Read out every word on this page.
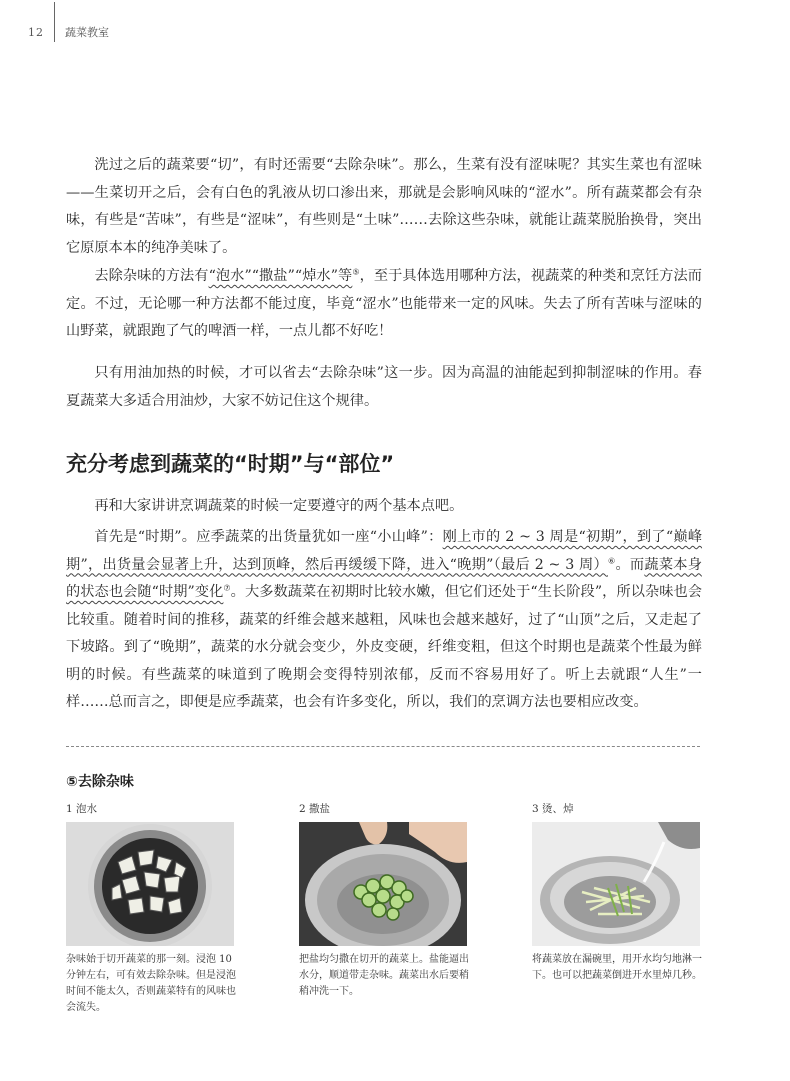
12 蔬菜教室

洗过之后的蔬菜要“切”，有时还需要“去除杂味”。那么，生菜有没有涩味呢？其实生菜也有涩味——生菜切开之后，会有白色的乳液从切口渗出来，那就是会影响风味的“涩水”。所有蔬菜都会有杂味，有些是“苦味”，有些是“涩味”，有些则是“土味”……去除这些杂味，就能让蔬菜脱胎换骨，突出它原原本本的纯净美味了。

去除杂味的方法有“泡水”“撒盐”“焯水”等⑤，至于具体选用哪种方法，视蔬菜的种类和烹饪方法而定。不过，无论哪一种方法都不能过度，毕竟“涩水”也能带来一定的风味。失去了所有苦味与涩味的山野菜，就跟跑了气的啤酒一样，一点儿都不好吃！

只有用油加热的时候，才可以省去“去除杂味”这一步。因为高温的油能起到抑制涩味的作用。春夏蔬菜大多适合用油炒，大家不妨记住这个规律。

充分考虑到蔬菜的“时期”与“部位”

再和大家讲讲烹调蔬菜的时候一定要遵守的两个基本点吧。

首先是“时期”。应季蔬菜的出货量犹如一座“小山峰”：刚上市的 2 ~ 3 周是“初期”，到了“巅峰期”，出货量会显著上升，达到顶峰，然后再缓缓下降，进入“晚期”（最后 2 ~ 3 周）⑥。而蔬菜本身的状态也会随“时期”变化⑦。大多数蔬菜在初期时比较水嫩，但它们还处于“生长阶段”，所以杂味也会比较重。随着时间的推移，蔬菜的纤维会越来越粗，风味也会越来越好，过了“山顶”之后，又走起了下坡路。到了“晚期”，蔬菜的水分就会变少，外皮变硬，纤维变粗，但这个时期也是蔬菜个性最为鲜明的时候。有些蔬菜的味道到了晚期会变得特别浓郁，反而不容易用好了。听上去就跟“人生”一样……总而言之，即便是应季蔬菜，也会有许多变化，所以，我们的烹调方法也要相应改变。

⑤去除杂味

1 泡水

杂味始于切开蔬菜的那一刻。浸泡 10 分钟左右，可有效去除杂味。但是浸泡时间不能太久，否则蔬菜特有的风味也会流失。

2 撒盐

把盐均匀撒在切开的蔬菜上。盐能逼出水分，顺道带走杂味。蔬菜出水后要稍稍冲洗一下。

3 烫、焯

将蔬菜放在漏碗里，用开水均匀地淋一下。也可以把蔬菜倒进开水里焯几秒。
